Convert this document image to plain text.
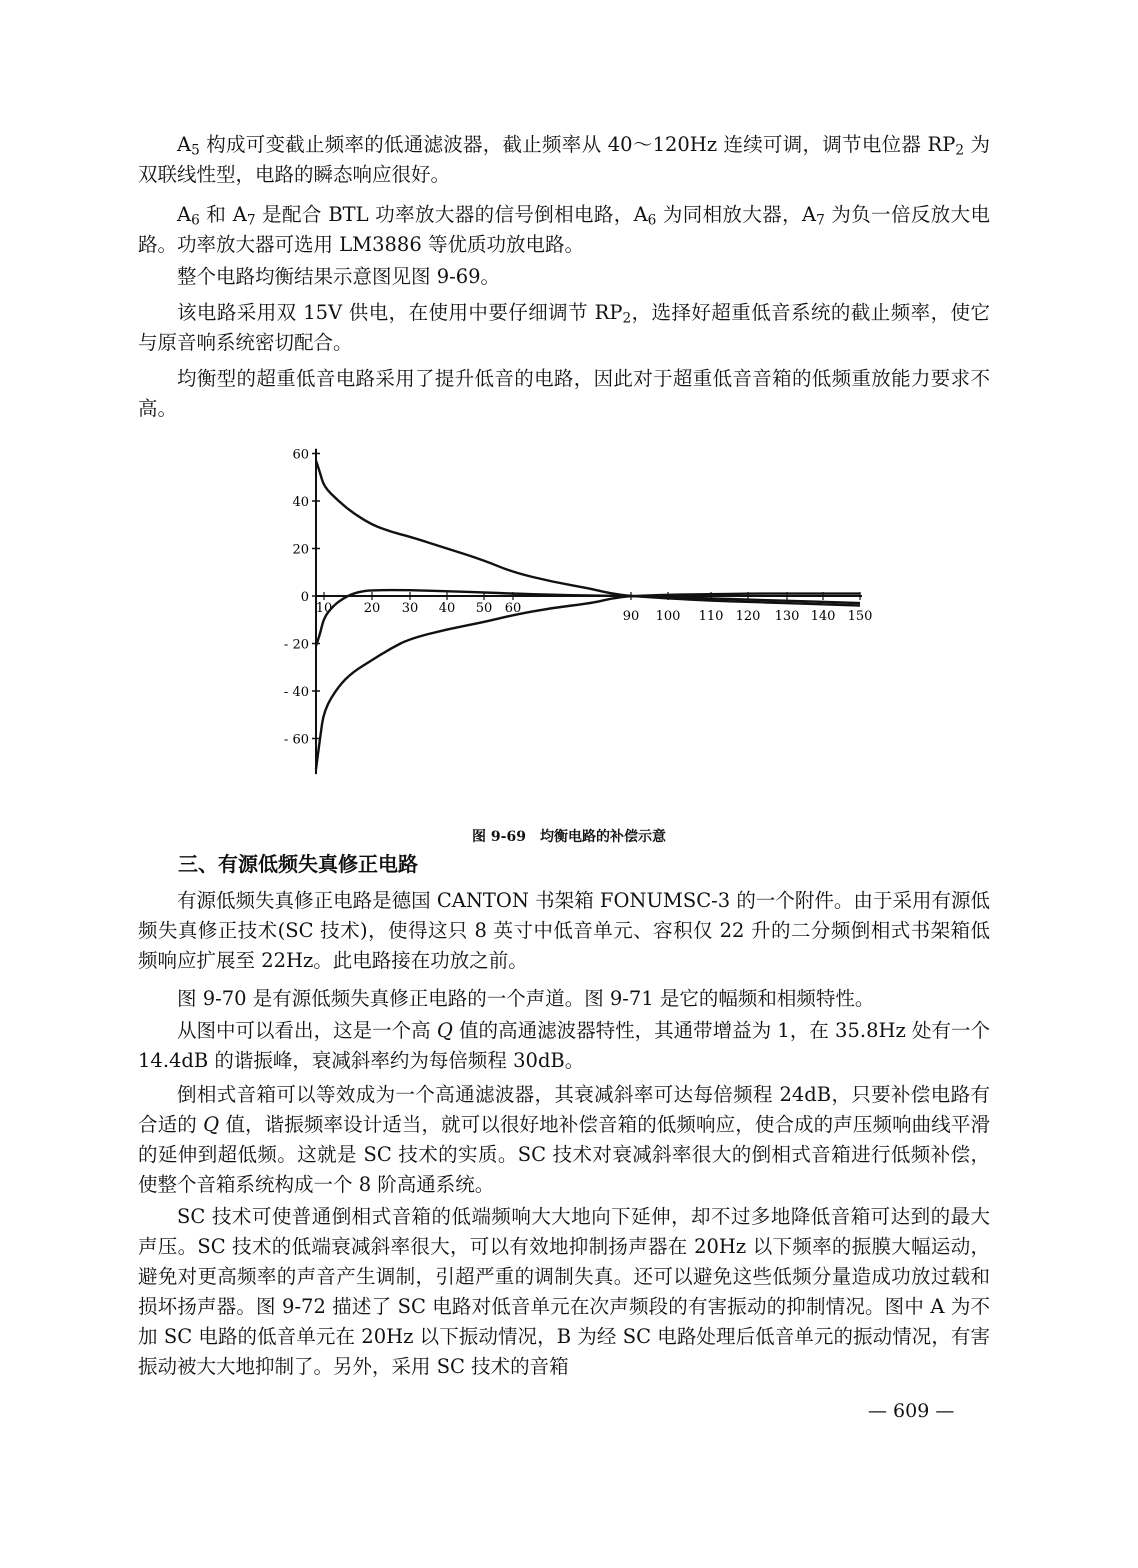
$A_5$ 构成可变截止频率的低通滤波器，截止频率从 40～120Hz 连续可调，调节电位器 $RP_2$ 为双联线性型，电路的瞬态响应很好。

$A_6$ 和 $A_7$ 是配合 BTL 功率放大器的信号倒相电路，$A_6$ 为同相放大器，$A_7$ 为负一倍反放大电路。功率放大器可选用 LM3886 等优质功放电路。

整个电路均衡结果示意图见图 9-69。

该电路采用双 15V 供电，在使用中要仔细调节 $RP_2$，选择好超重低音系统的截止频率，使它与原音响系统密切配合。

均衡型的超重低音电路采用了提升低音的电路，因此对于超重低音音箱的低频重放能力要求不高。

60
40
20
0
- 20
- 40
- 60
10 20 30 40 50 60
90 100 110 120 130 140 150
图 9-69　均衡电路的补偿示意
三、有源低频失真修正电路

有源低频失真修正电路是德国 CANTON 书架箱 FONUMSC-3 的一个附件。由于采用有源低频失真修正技术(SC 技术)，使得这只 8 英寸中低音单元、容积仅 22 升的二分频倒相式书架箱低频响应扩展至 22Hz。此电路接在功放之前。

图 9-70 是有源低频失真修正电路的一个声道。图 9-71 是它的幅频和相频特性。

从图中可以看出，这是一个高 Q 值的高通滤波器特性，其通带增益为 1，在 35.8Hz 处有一个 14.4dB 的谐振峰，衰减斜率约为每倍频程 30dB。

倒相式音箱可以等效成为一个高通滤波器，其衰减斜率可达每倍频程 24dB，只要补偿电路有合适的 Q 值，谐振频率设计适当，就可以很好地补偿音箱的低频响应，使合成的声压频响曲线平滑的延伸到超低频。这就是 SC 技术的实质。SC 技术对衰减斜率很大的倒相式音箱进行低频补偿，使整个音箱系统构成一个 8 阶高通系统。

SC 技术可使普通倒相式音箱的低端频响大大地向下延伸，却不过多地降低音箱可达到的最大声压。SC 技术的低端衰减斜率很大，可以有效地抑制扬声器在 20Hz 以下频率的振膜大幅运动，避免对更高频率的声音产生调制，引超严重的调制失真。还可以避免这些低频分量造成功放过载和损坏扬声器。图 9-72 描述了 SC 电路对低音单元在次声频段的有害振动的抑制情况。图中 A 为不加 SC 电路的低音单元在 20Hz 以下振动情况，B 为经 SC 电路处理后低音单元的振动情况，有害振动被大大地抑制了。另外，采用 SC 技术的音箱

— 609 —
